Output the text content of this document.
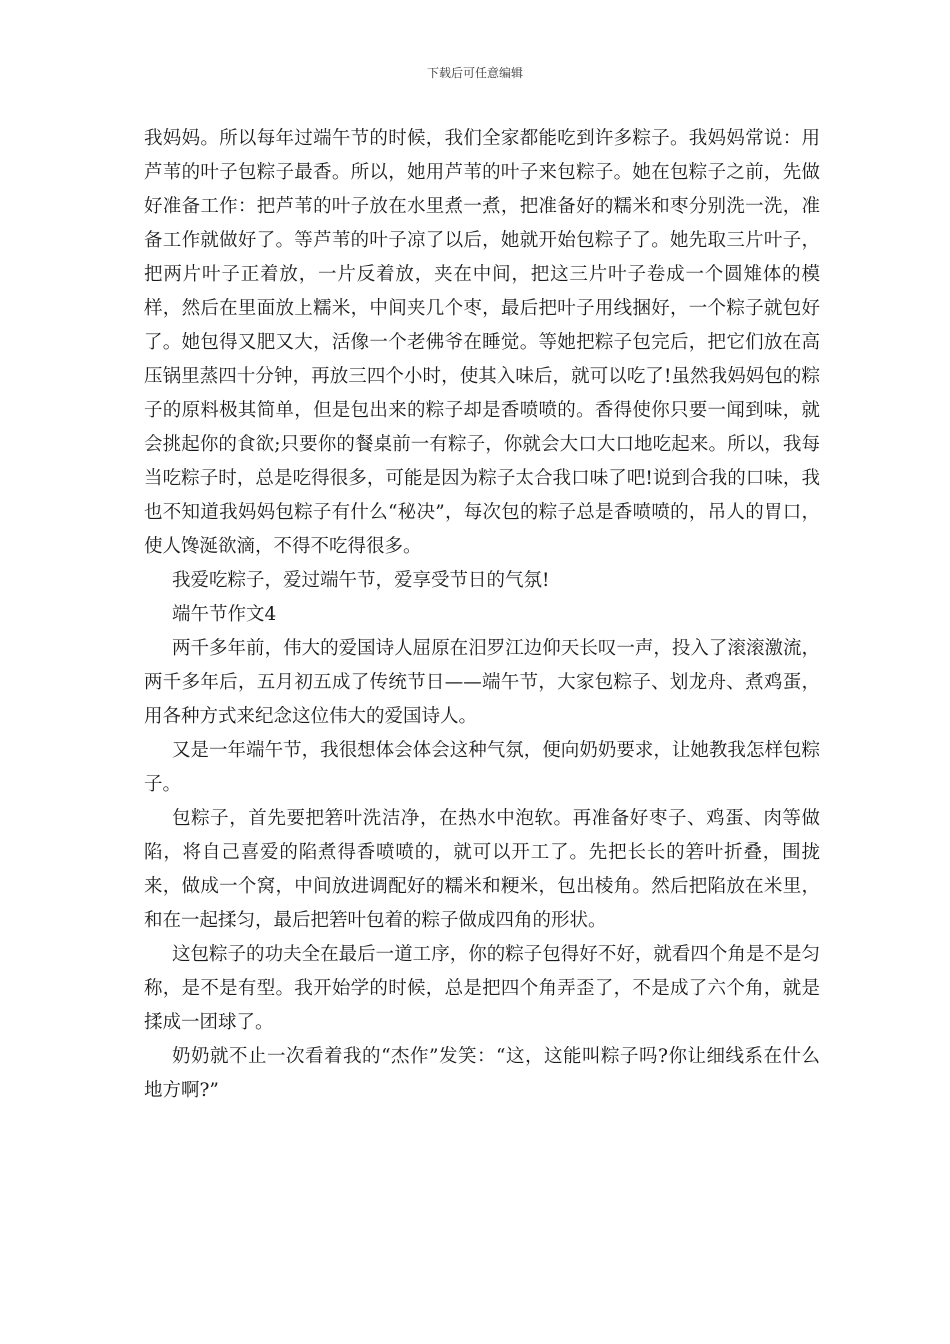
下载后可任意编辑

我妈妈。所以每年过端午节的时候，我们全家都能吃到许多粽子。我妈妈常说：用芦苇的叶子包粽子最香。所以，她用芦苇的叶子来包粽子。她在包粽子之前，先做好准备工作：把芦苇的叶子放在水里煮一煮，把准备好的糯米和枣分别洗一洗，准备工作就做好了。等芦苇的叶子凉了以后，她就开始包粽子了。她先取三片叶子，把两片叶子正着放，一片反着放，夹在中间，把这三片叶子卷成一个圆雉体的模样，然后在里面放上糯米，中间夹几个枣，最后把叶子用线捆好，一个粽子就包好了。她包得又肥又大，活像一个老佛爷在睡觉。等她把粽子包完后，把它们放在高压锅里蒸四十分钟，再放三四个小时，使其入味后，就可以吃了!虽然我妈妈包的粽子的原料极其简单，但是包出来的粽子却是香喷喷的。香得使你只要一闻到味，就会挑起你的食欲;只要你的餐桌前一有粽子，你就会大口大口地吃起来。所以，我每当吃粽子时，总是吃得很多，可能是因为粽子太合我口味了吧!说到合我的口味，我也不知道我妈妈包粽子有什么“秘决”，每次包的粽子总是香喷喷的，吊人的胃口，使人馋涎欲滴，不得不吃得很多。

我爱吃粽子，爱过端午节，爱享受节日的气氛!

端午节作文4

两千多年前，伟大的爱国诗人屈原在汨罗江边仰天长叹一声，投入了滚滚激流，两千多年后，五月初五成了传统节日——端午节，大家包粽子、划龙舟、煮鸡蛋，用各种方式来纪念这位伟大的爱国诗人。

又是一年端午节，我很想体会体会这种气氛，便向奶奶要求，让她教我怎样包粽子。

包粽子，首先要把箬叶洗洁净，在热水中泡软。再准备好枣子、鸡蛋、肉等做陷，将自己喜爱的陷煮得香喷喷的，就可以开工了。先把长长的箬叶折叠，围拢来，做成一个窝，中间放进调配好的糯米和粳米，包出棱角。然后把陷放在米里，和在一起揉匀，最后把箬叶包着的粽子做成四角的形状。

这包粽子的功夫全在最后一道工序，你的粽子包得好不好，就看四个角是不是匀称，是不是有型。我开始学的时候，总是把四个角弄歪了，不是成了六个角，就是揉成一团球了。

奶奶就不止一次看着我的“杰作”发笑：“这，这能叫粽子吗?你让细线系在什么地方啊?”
